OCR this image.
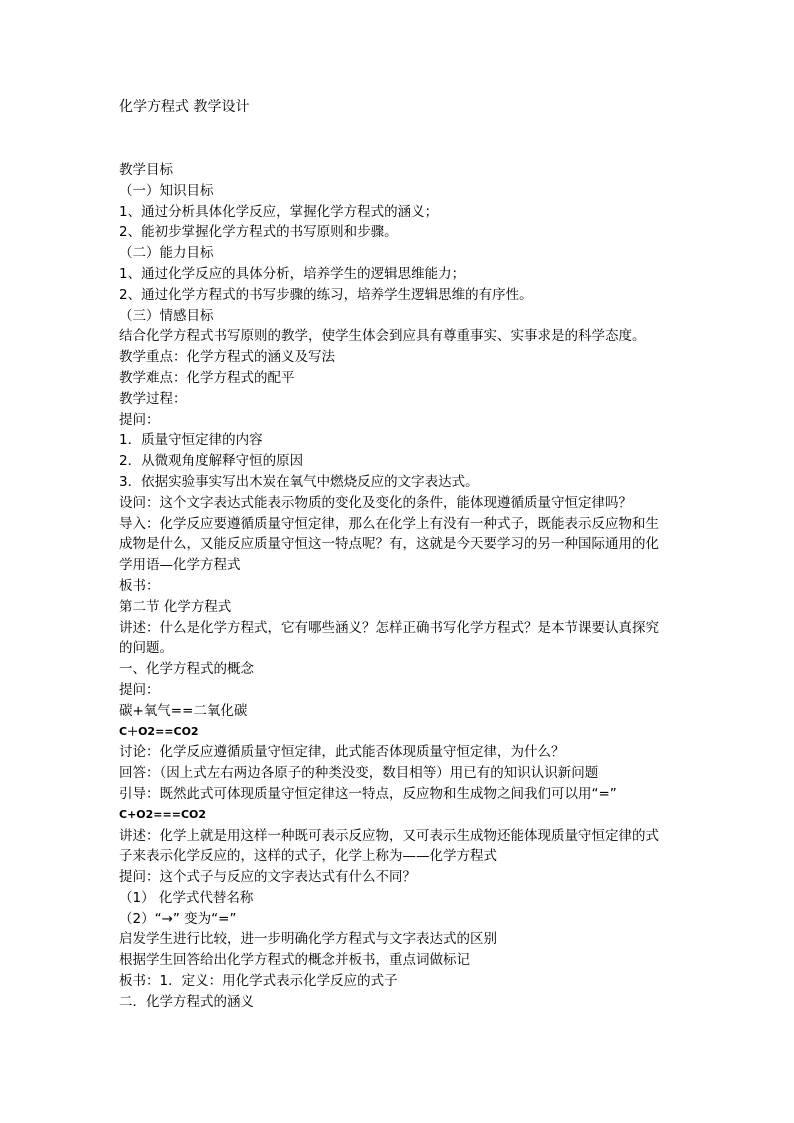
化学方程式 教学设计
教学目标
（一）知识目标
1、通过分析具体化学反应，掌握化学方程式的涵义；
2、能初步掌握化学方程式的书写原则和步骤。
（二）能力目标
1、通过化学反应的具体分析，培养学生的逻辑思维能力；
2、通过化学方程式的书写步骤的练习，培养学生逻辑思维的有序性。
（三）情感目标
结合化学方程式书写原则的教学，使学生体会到应具有尊重事实、实事求是的科学态度。
教学重点：化学方程式的涵义及写法
教学难点：化学方程式的配平
教学过程：
提问：
1．质量守恒定律的内容
2．从微观角度解释守恒的原因
3．依据实验事实写出木炭在氧气中燃烧反应的文字表达式。
设问：这个文字表达式能表示物质的变化及变化的条件，能体现遵循质量守恒定律吗？
导入：化学反应要遵循质量守恒定律，那么在化学上有没有一种式子，既能表示反应物和生
成物是什么，又能反应质量守恒这一特点呢？有，这就是今天要学习的另一种国际通用的化
学用语—化学方程式
板书：
第二节 化学方程式
讲述：什么是化学方程式，它有哪些涵义？怎样正确书写化学方程式？是本节课要认真探究
的问题。
一、化学方程式的概念
提问：
碳+氧气==二氧化碳
C＋O2==CO2
讨论：化学反应遵循质量守恒定律，此式能否体现质量守恒定律，为什么？
回答：（因上式左右两边各原子的种类没变，数目相等）用已有的知识认识新问题
引导：既然此式可体现质量守恒定律这一特点，反应物和生成物之间我们可以用“=”
C+O2===CO2
讲述：化学上就是用这样一种既可表示反应物，又可表示生成物还能体现质量守恒定律的式
子来表示化学反应的，这样的式子，化学上称为——化学方程式
提问：这个式子与反应的文字表达式有什么不同？
（1） 化学式代替名称
（2）“→” 变为“=”
启发学生进行比较，进一步明确化学方程式与文字表达式的区别
根据学生回答给出化学方程式的概念并板书，重点词做标记
板书：1．定义：用化学式表示化学反应的式子
二．化学方程式的涵义
